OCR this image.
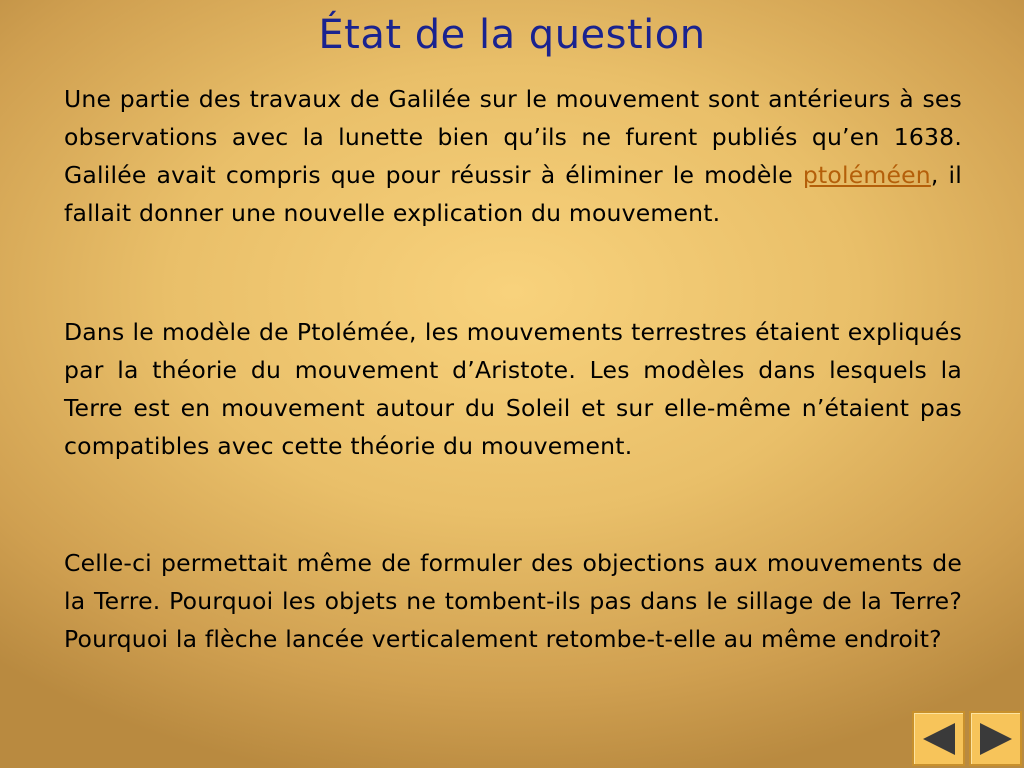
État de la question

Une partie des travaux de Galilée sur le mouvement sont antérieurs à ses observations avec la lunette bien qu’ils ne furent publiés qu’en 1638. Galilée avait compris que pour réussir à éliminer le modèle ptoléméen, il fallait donner une nouvelle explication du mouvement.

Dans le modèle de Ptolémée, les mouvements terrestres étaient expliqués par la théorie du mouvement d’Aristote. Les modèles dans lesquels la Terre est en mouvement autour du Soleil et sur elle-même n’étaient pas compatibles avec cette théorie du mouvement.

Celle-ci permettait même de formuler des objections aux mouvements de la Terre. Pourquoi les objets ne tombent-ils pas dans le sillage de la Terre? Pourquoi la flèche lancée verticalement retombe-t-elle au même endroit?
